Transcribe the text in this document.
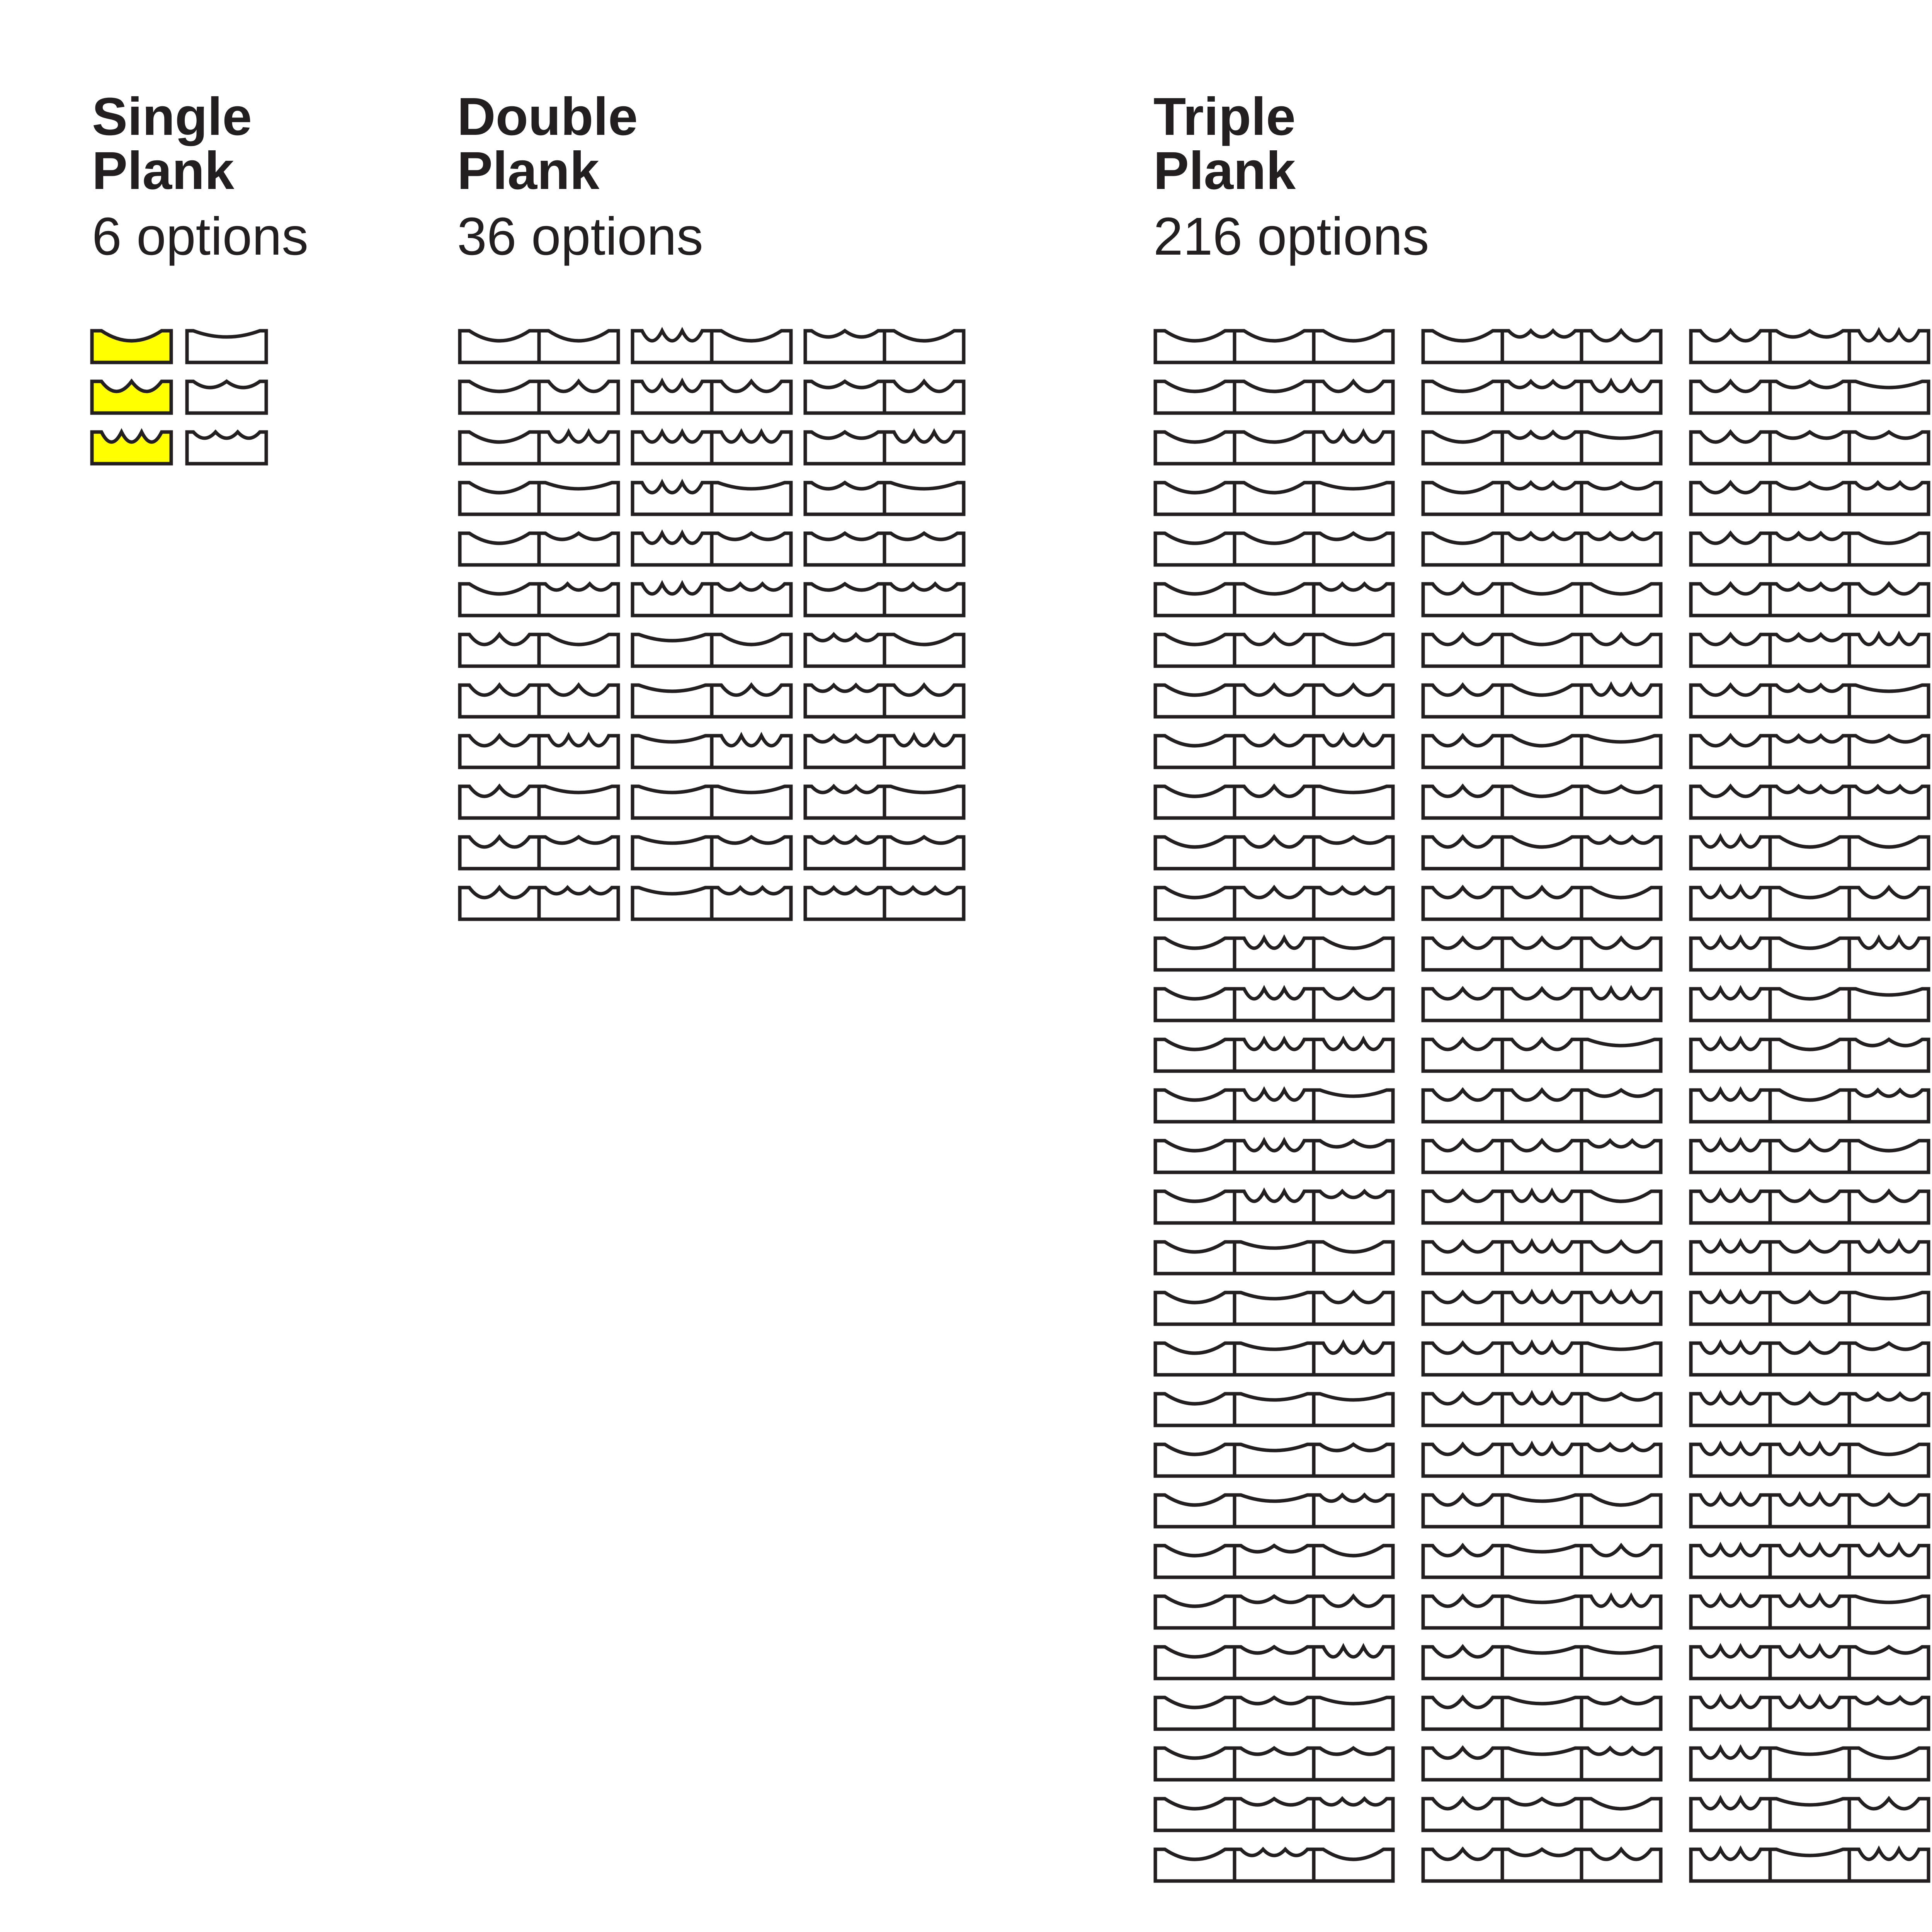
Single
Plank
6 options
Double
Plank
36 options
Triple
Plank
216 options
